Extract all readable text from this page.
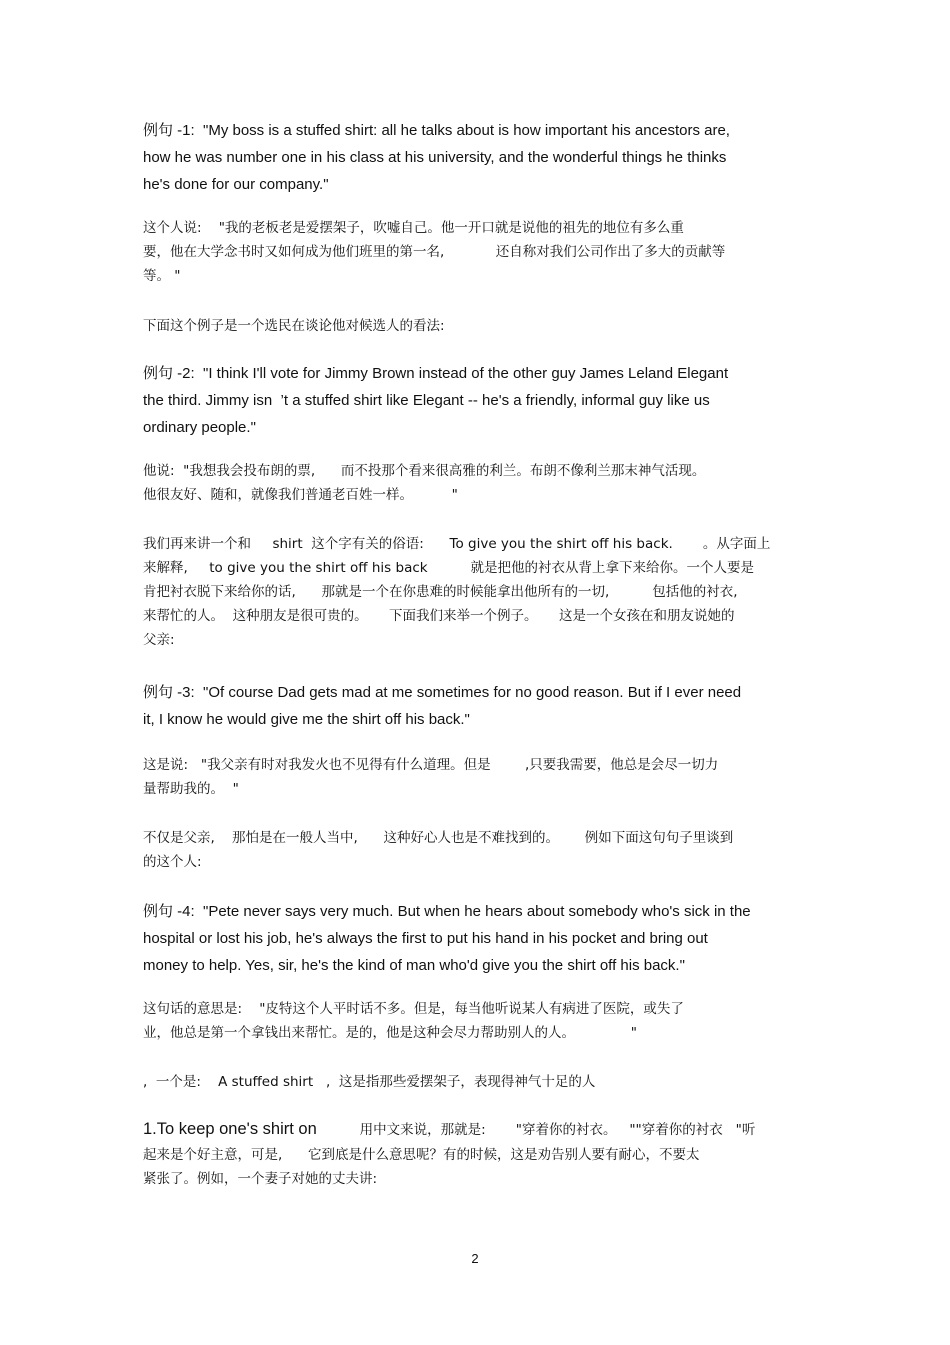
例句 -1:  "My boss is a stuffed shirt: all he talks about is how important his ancestors are,
how he was number one in his class at his university, and the wonderful things he thinks
he's done for our company."
这个人说:    "我的老板老是爱摆架子，吹嘘自己。他一开口就是说他的祖先的地位有多么重
要，他在大学念书时又如何成为他们班里的第一名,            还自称对我们公司作出了多大的贡献等
等。 "
下面这个例子是一个选民在谈论他对候选人的看法:
例句 -2:  "I think I'll vote for Jimmy Brown instead of the other guy James Leland Elegant
the third. Jimmy isn  ’t a stuffed shirt like Elegant -- he's a friendly, informal guy like us
ordinary people."
他说:  "我想我会投布朗的票,      而不投那个看来很高雅的利兰。布朗不像利兰那末神气活现。
他很友好、随和，就像我们普通老百姓一样。         "
我们再来讲一个和     shirt  这个字有关的俗语:      To give you the shirt off his back.       。从字面上
来解释,     to give you the shirt off his back          就是把他的衬衣从背上拿下来给你。一个人要是
肯把衬衣脱下来给你的话,      那就是一个在你患难的时候能拿出他所有的一切,          包括他的衬衣,
来帮忙的人。  这种朋友是很可贵的。     下面我们来举一个例子。     这是一个女孩在和朋友说她的
父亲:
例句 -3:  "Of course Dad gets mad at me sometimes for no good reason. But if I ever need
it, I know he would give me the shirt off his back."
这是说:   "我父亲有时对我发火也不见得有什么道理。但是        ,只要我需要，他总是会尽一切力
量帮助我的。  "
不仅是父亲,    那怕是在一般人当中,      这种好心人也是不难找到的。      例如下面这句句子里谈到
的这个人:
例句 -4:  "Pete never says very much. But when he hears about somebody who's sick in the
hospital or lost his job, he's always the first to put his hand in his pocket and bring out
money to help. Yes, sir, he's the kind of man who'd give you the shirt off his back."
这句话的意思是:    "皮特这个人平时话不多。但是，每当他听说某人有病进了医院，或失了
业，他总是第一个拿钱出来帮忙。是的，他是这种会尽力帮助别人的人。             "
,  一个是:    A stuffed shirt   ,  这是指那些爱摆架子，表现得神气十足的人
1.To keep one's shirt on          用中文来说，那就是:       "穿着你的衬衣。   ""穿着你的衬衣   "听
起来是个好主意，可是,      它到底是什么意思呢？有的时候，这是劝告别人要有耐心，不要太
紧张了。例如，一个妻子对她的丈夫讲:
2
